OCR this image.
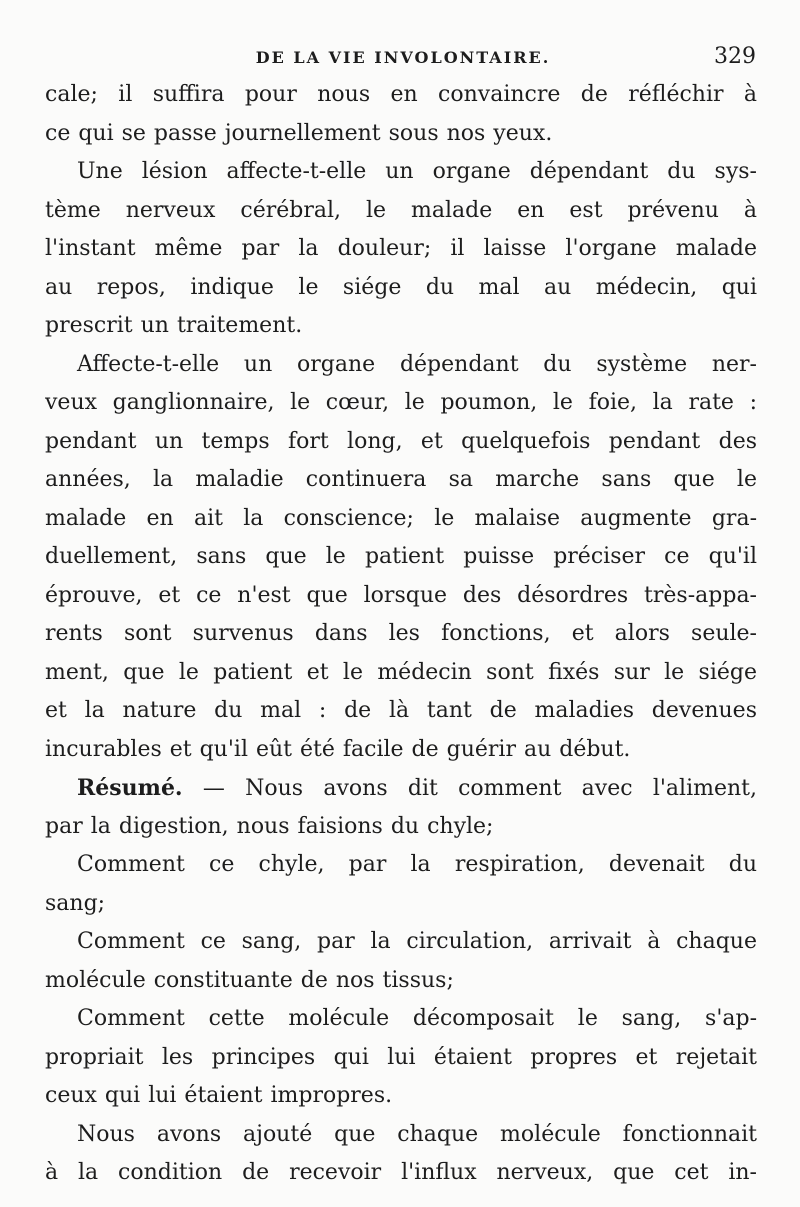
DE LA VIE INVOLONTAIRE.	329

cale; il suffira pour nous en convaincre de réfléchir à
ce qui se passe journellement sous nos yeux.

Une lésion affecte-t-elle un organe dépendant du sys-
tème nerveux cérébral, le malade en est prévenu à
l'instant même par la douleur; il laisse l'organe malade
au repos, indique le siége du mal au médecin, qui
prescrit un traitement.

Affecte-t-elle un organe dépendant du système ner-
veux ganglionnaire, le cœur, le poumon, le foie, la rate :
pendant un temps fort long, et quelquefois pendant des
années, la maladie continuera sa marche sans que le
malade en ait la conscience; le malaise augmente gra-
duellement, sans que le patient puisse préciser ce qu'il
éprouve, et ce n'est que lorsque des désordres très-appa-
rents sont survenus dans les fonctions, et alors seule-
ment, que le patient et le médecin sont fixés sur le siége
et la nature du mal : de là tant de maladies devenues
incurables et qu'il eût été facile de guérir au début.

Résumé. — Nous avons dit comment avec l'aliment,
par la digestion, nous faisions du chyle;

Comment ce chyle, par la respiration, devenait du
sang;

Comment ce sang, par la circulation, arrivait à chaque
molécule constituante de nos tissus;

Comment cette molécule décomposait le sang, s'ap-
propriait les principes qui lui étaient propres et rejetait
ceux qui lui étaient impropres.

Nous avons ajouté que chaque molécule fonctionnait
à la condition de recevoir l'influx nerveux, que cet in-
